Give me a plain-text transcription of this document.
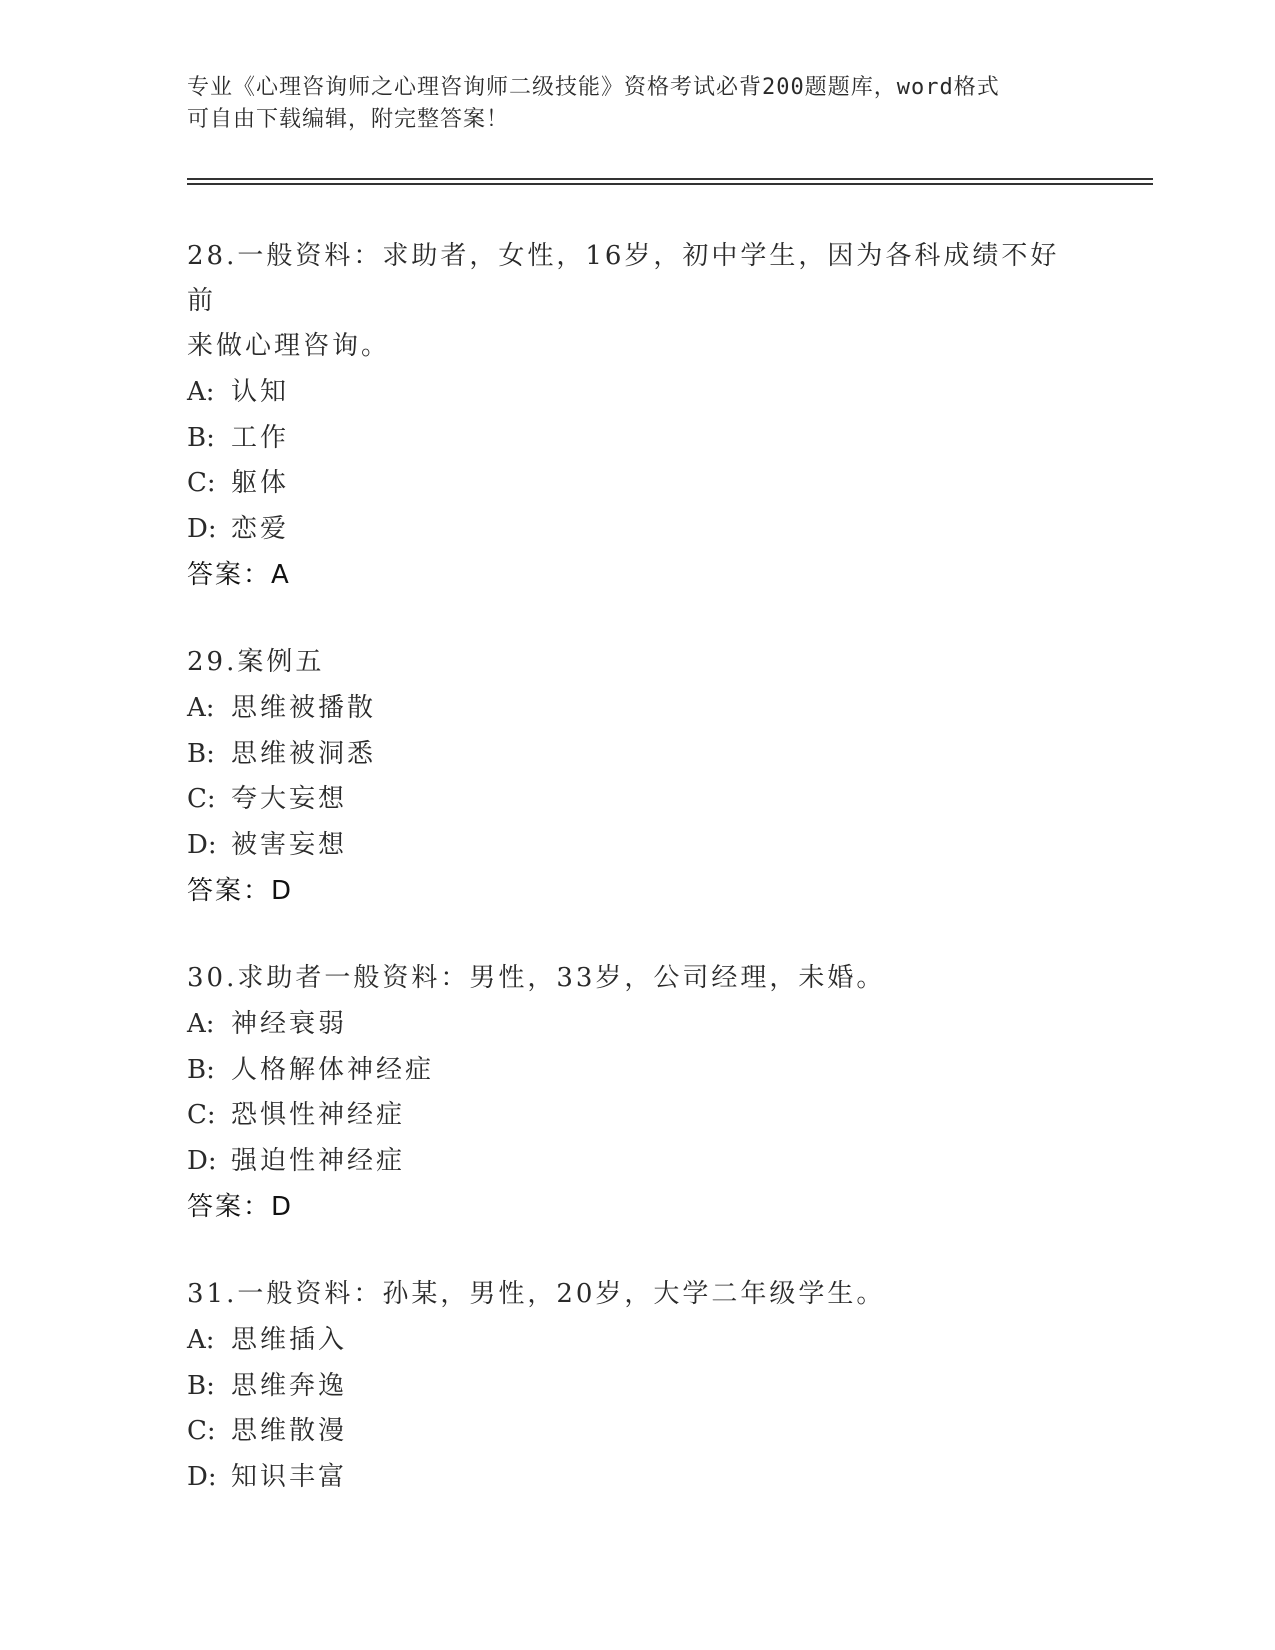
专业《心理咨询师之心理咨询师二级技能》资格考试必背200题题库，word格式
可自由下载编辑，附完整答案！
28.一般资料：求助者，女性，16岁，初中学生，因为各科成绩不好前
来做心理咨询。
A: 认知
B: 工作
C: 躯体
D: 恋爱
答案：A
29.案例五
A: 思维被播散
B: 思维被洞悉
C: 夸大妄想
D: 被害妄想
答案：D
30.求助者一般资料：男性，33岁，公司经理，未婚。
A: 神经衰弱
B: 人格解体神经症
C: 恐惧性神经症
D: 强迫性神经症
答案：D
31.一般资料：孙某，男性，20岁，大学二年级学生。
A: 思维插入
B: 思维奔逸
C: 思维散漫
D: 知识丰富
